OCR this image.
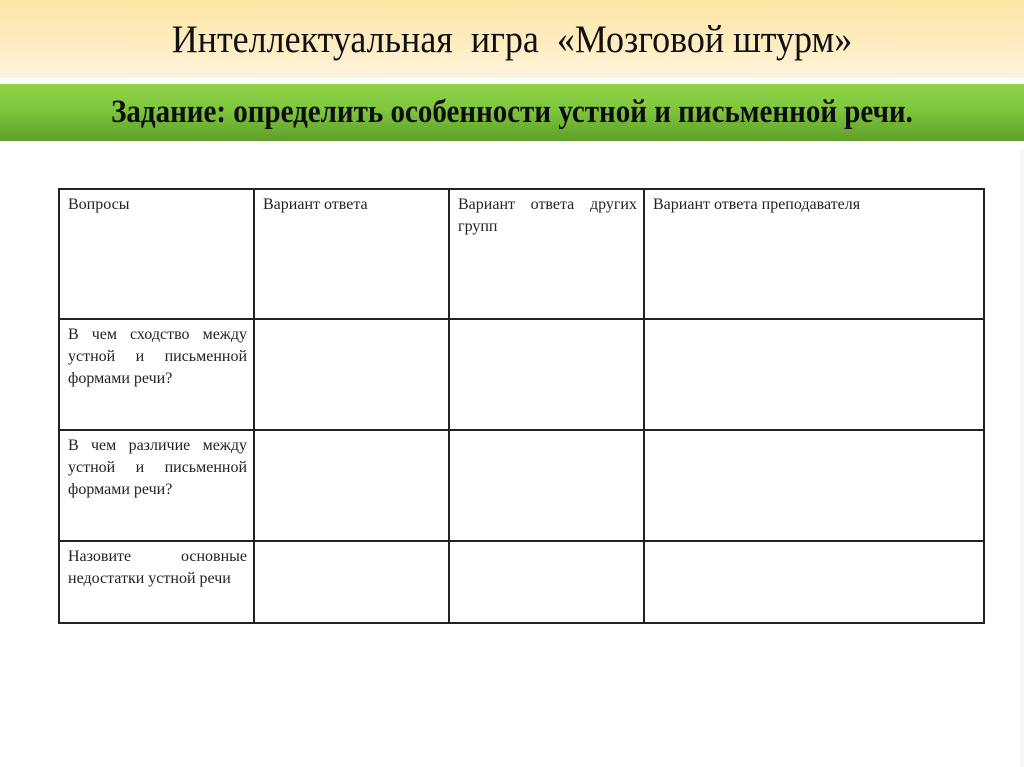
Интеллектуальная  игра  «Мозговой штурм»
Задание: определить особенности устной и письменной речи.
Вопросы	Вариант ответа	Вариант ответа других групп	Вариант ответа преподавателя
В чем сходство между устной и письменной формами речи?			
В чем различие между устной и письменной формами речи?			
Назовите основные недостатки устной речи			
